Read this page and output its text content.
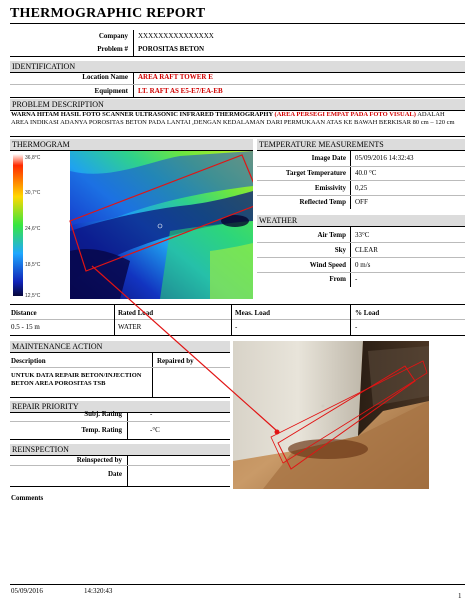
THERMOGRAPHIC REPORT
Company XXXXXXXXXXXXXXX
Problem # POROSITAS BETON
IDENTIFICATION
Location Name AREA RAFT TOWER E
Equipment LT. RAFT AS E5-E7/EA-EB
PROBLEM DESCRIPTION
WARNA HITAM HASIL FOTO SCANNER ULTRASONIC INFRARED THERMOGRAPHY (AREA PERSEGI EMPAT PADA FOTO VISUAL) ADALAH AREA INDIKASI ADANYA POROSITAS BETON PADA LANTAI ,DENGAN KEDALAMAN DARI PERMUKAAN ATAS KE BAWAH BERKISAR 80 cm – 120 cm
THERMOGRAM
36,8°C
30,7°C
24,6°C
18,5°C
12,5°C
TEMPERATURE MEASUREMENTS
Image Date 05/09/2016 14:32:43
Target Temperature 40.0 °C
Emissivity 0,25
Reflected Temp OFF
WEATHER
Air Temp 33°C
Sky CLEAR
Wind Speed 0 m/s
From -
Distance	Rated Load	Meas. Load	% Load
0.5 - 15 m	WATER	-	-
MAINTENANCE ACTION
Description	Repaired by
UNTUK DATA REPAIR BETON/INJECTION BETON AREA POROSITAS TSB
REPAIR PRIORITY
Subj. Rating	-
Temp. Rating	-°C
REINSPECTION
Reinspected by
Date
Comments
05/09/2016	14:320:43
1
